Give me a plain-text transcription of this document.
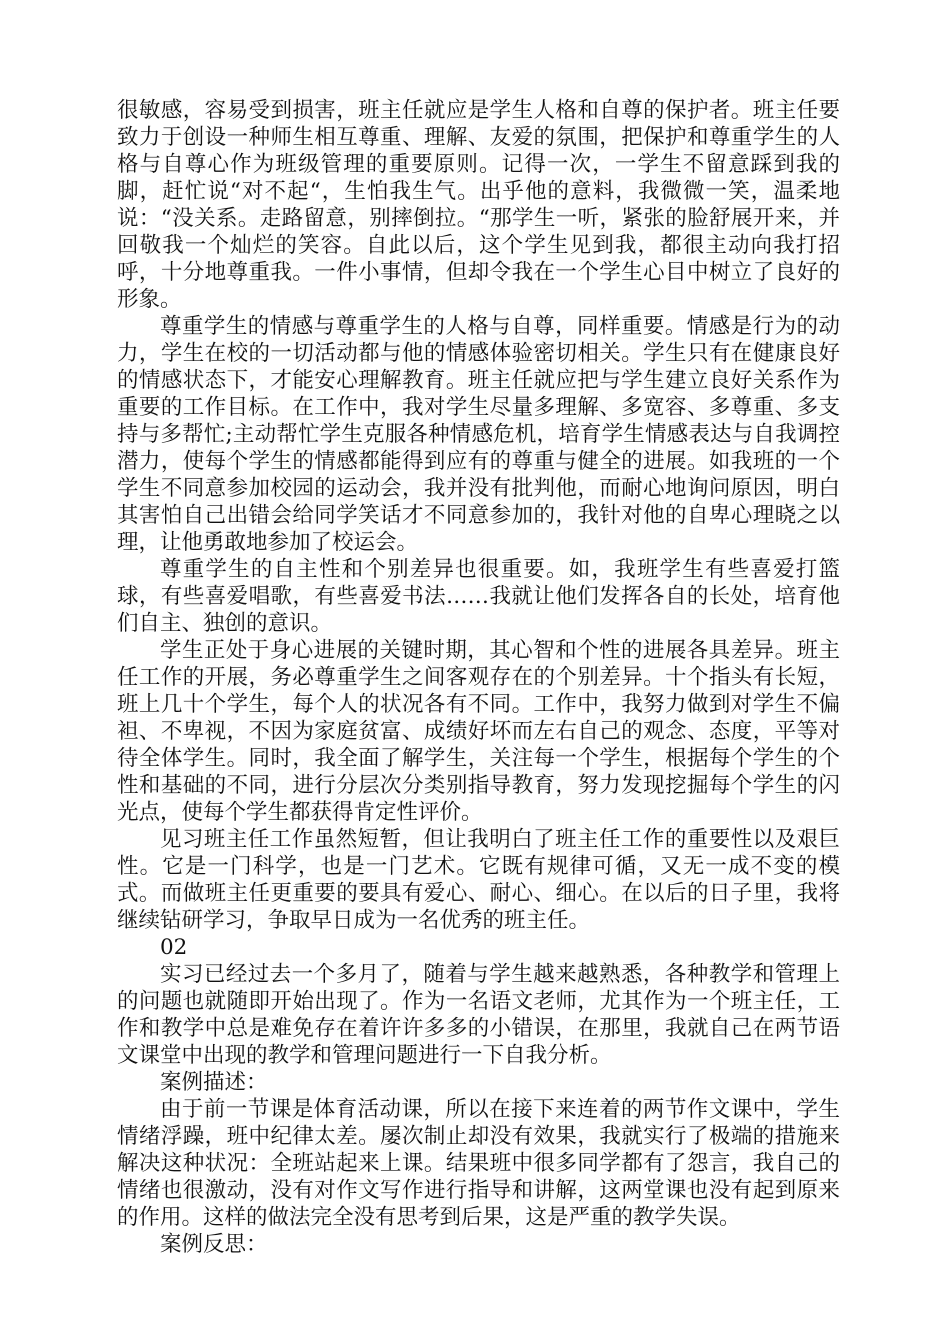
很敏感，容易受到损害，班主任就应是学生人格和自尊的保护者。班主任要致力于创设一种师生相互尊重、理解、友爱的氛围，把保护和尊重学生的人格与自尊心作为班级管理的重要原则。记得一次，一学生不留意踩到我的脚，赶忙说“对不起“，生怕我生气。出乎他的意料，我微微一笑，温柔地说：“没关系。走路留意，别摔倒拉。“那学生一听，紧张的脸舒展开来，并回敬我一个灿烂的笑容。自此以后，这个学生见到我，都很主动向我打招呼，十分地尊重我。一件小事情，但却令我在一个学生心目中树立了良好的形象。

尊重学生的情感与尊重学生的人格与自尊，同样重要。情感是行为的动力，学生在校的一切活动都与他的情感体验密切相关。学生只有在健康良好的情感状态下，才能安心理解教育。班主任就应把与学生建立良好关系作为重要的工作目标。在工作中，我对学生尽量多理解、多宽容、多尊重、多支持与多帮忙;主动帮忙学生克服各种情感危机，培育学生情感表达与自我调控潜力，使每个学生的情感都能得到应有的尊重与健全的进展。如我班的一个学生不同意参加校园的运动会，我并没有批判他，而耐心地询问原因，明白其害怕自己出错会给同学笑话才不同意参加的，我针对他的自卑心理晓之以理，让他勇敢地参加了校运会。

尊重学生的自主性和个别差异也很重要。如，我班学生有些喜爱打篮球，有些喜爱唱歌，有些喜爱书法……我就让他们发挥各自的长处，培育他们自主、独创的意识。

学生正处于身心进展的关键时期，其心智和个性的进展各具差异。班主任工作的开展，务必尊重学生之间客观存在的个别差异。十个指头有长短，班上几十个学生，每个人的状况各有不同。工作中，我努力做到对学生不偏袒、不卑视，不因为家庭贫富、成绩好坏而左右自己的观念、态度，平等对待全体学生。同时，我全面了解学生，关注每一个学生，根据每个学生的个性和基础的不同，进行分层次分类别指导教育，努力发现挖掘每个学生的闪光点，使每个学生都获得肯定性评价。

见习班主任工作虽然短暂，但让我明白了班主任工作的重要性以及艰巨性。它是一门科学，也是一门艺术。它既有规律可循，又无一成不变的模式。而做班主任更重要的要具有爱心、耐心、细心。在以后的日子里，我将继续钻研学习，争取早日成为一名优秀的班主任。

02

实习已经过去一个多月了，随着与学生越来越熟悉，各种教学和管理上的问题也就随即开始出现了。作为一名语文老师，尤其作为一个班主任，工作和教学中总是难免存在着许许多多的小错误，在那里，我就自己在两节语文课堂中出现的教学和管理问题进行一下自我分析。

案例描述：

由于前一节课是体育活动课，所以在接下来连着的两节作文课中，学生情绪浮躁，班中纪律太差。屡次制止却没有效果，我就实行了极端的措施来解决这种状况：全班站起来上课。结果班中很多同学都有了怨言，我自己的情绪也很激动，没有对作文写作进行指导和讲解，这两堂课也没有起到原来的作用。这样的做法完全没有思考到后果，这是严重的教学失误。

案例反思：
